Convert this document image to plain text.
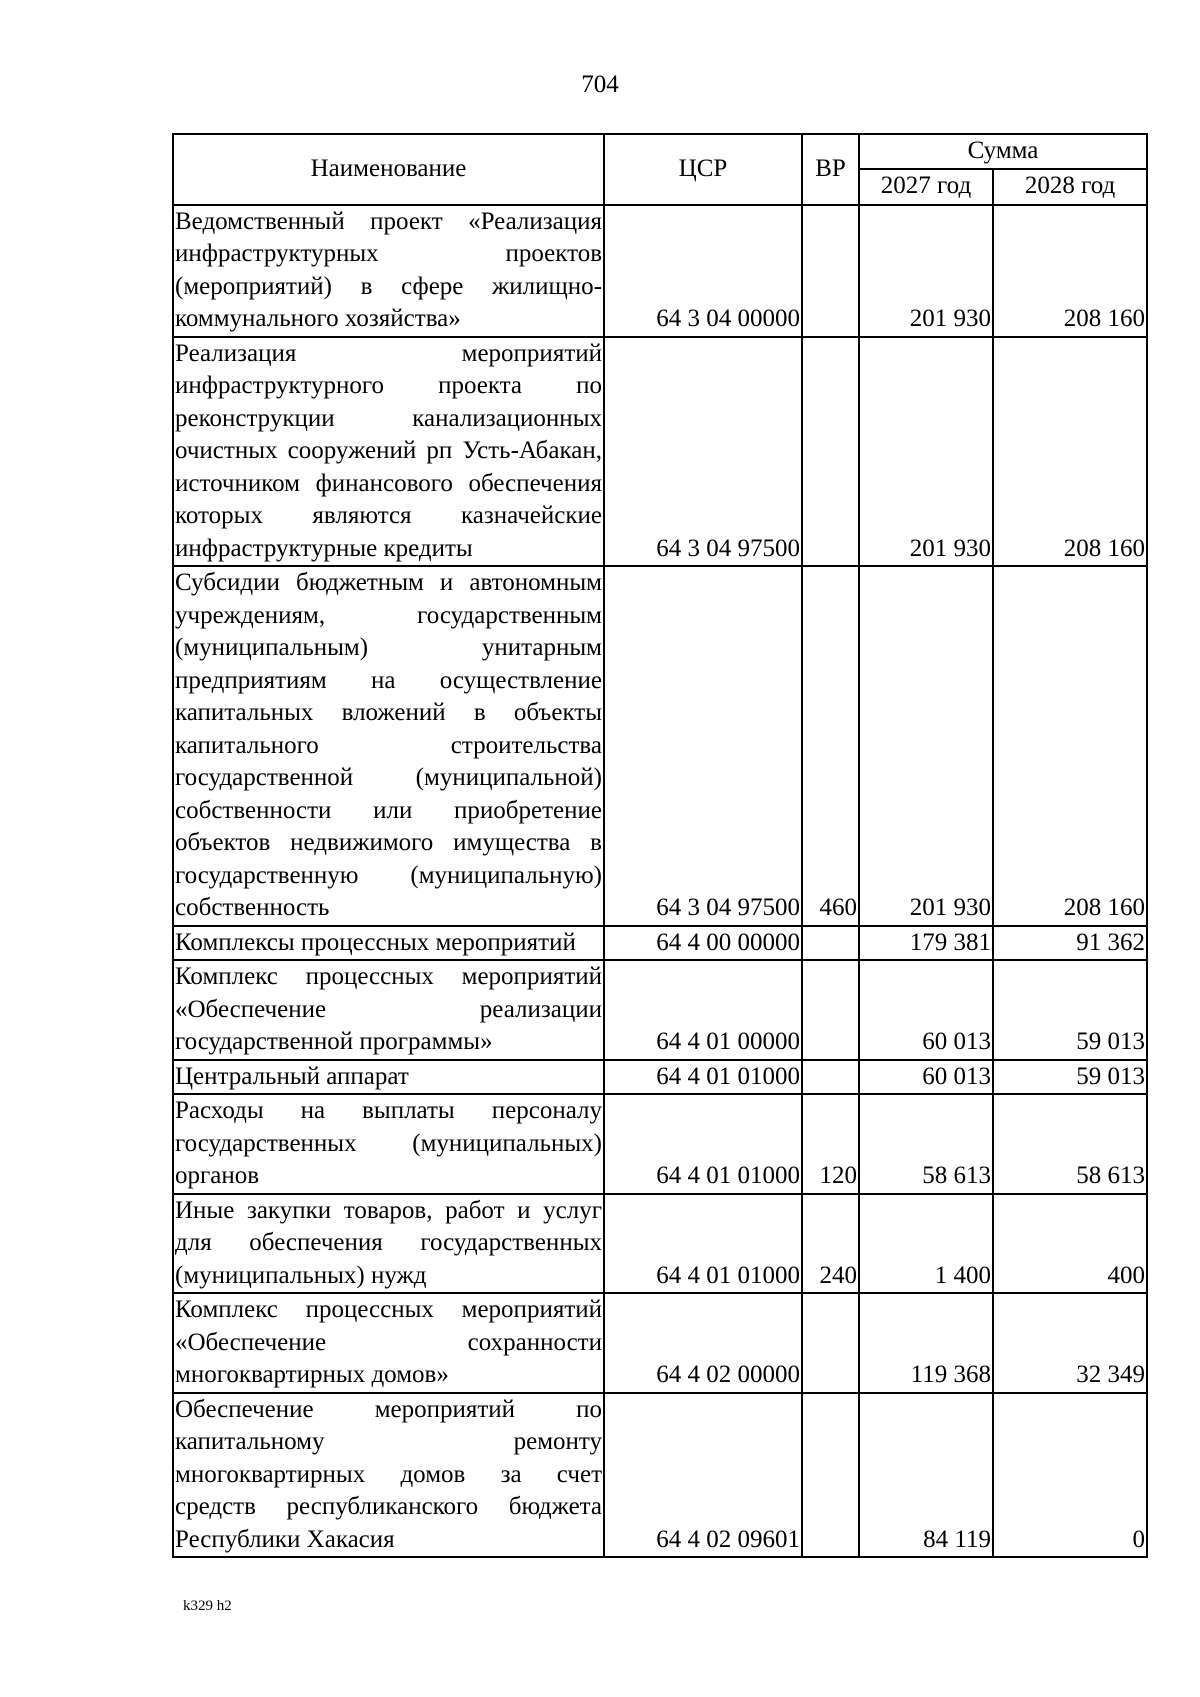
704
Наименование	ЦСР	ВР	Сумма	
			2027 год	2028 год
Ведомственный проект «Реализация инфраструктурных проектов (мероприятий) в сфере жилищно-коммунального хозяйства»	64 3 04 00000		201 930	208 160
Реализация мероприятий инфраструктурного проекта по реконструкции канализационных очистных сооружений рп Усть-Абакан, источником финансового обеспечения которых являются казначейские инфраструктурные кредиты	64 3 04 97500		201 930	208 160
Субсидии бюджетным и автономным учреждениям, государственным (муниципальным) унитарным предприятиям на осуществление капитальных вложений в объекты капитального строительства государственной (муниципальной) собственности или приобретение объектов недвижимого имущества в государственную (муниципальную) собственность	64 3 04 97500	460	201 930	208 160
Комплексы процессных мероприятий	64 4 00 00000		179 381	91 362
Комплекс процессных мероприятий «Обеспечение реализации государственной программы»	64 4 01 00000		60 013	59 013
Центральный аппарат	64 4 01 01000		60 013	59 013
Расходы на выплаты персоналу государственных (муниципальных) органов	64 4 01 01000	120	58 613	58 613
Иные закупки товаров, работ и услуг для обеспечения государственных (муниципальных) нужд	64 4 01 01000	240	1 400	400
Комплекс процессных мероприятий «Обеспечение сохранности многоквартирных домов»	64 4 02 00000		119 368	32 349
Обеспечение мероприятий по капитальному ремонту многоквартирных домов за счет средств республиканского бюджета Республики Хакасия	64 4 02 09601		84 119	0
k329 h2
